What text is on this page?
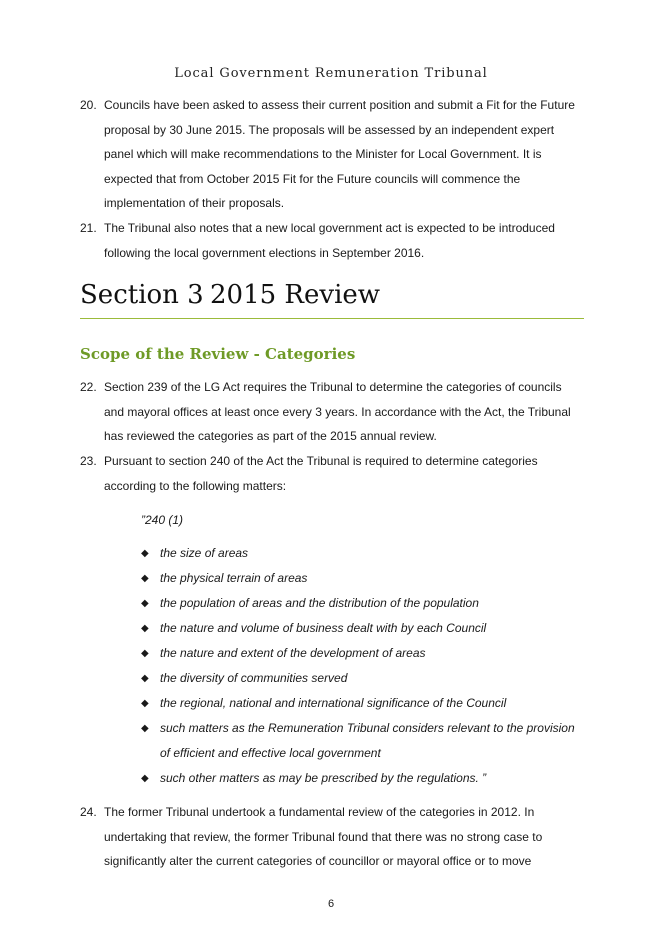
Local Government Remuneration Tribunal
20. Councils have been asked to assess their current position and submit a Fit for the Future
proposal by 30 June 2015. The proposals will be assessed by an independent expert
panel which will make recommendations to the Minister for Local Government. It is
expected that from October 2015 Fit for the Future councils will commence the
implementation of their proposals.
21. The Tribunal also notes that a new local government act is expected to be introduced
following the local government elections in September 2016.
Section 3 2015 Review
Scope of the Review - Categories
22. Section 239 of the LG Act requires the Tribunal to determine the categories of councils
and mayoral offices at least once every 3 years. In accordance with the Act, the Tribunal
has reviewed the categories as part of the 2015 annual review.
23. Pursuant to section 240 of the Act the Tribunal is required to determine categories
according to the following matters:
”240 (1)
◆ the size of areas
◆ the physical terrain of areas
◆ the population of areas and the distribution of the population
◆ the nature and volume of business dealt with by each Council
◆ the nature and extent of the development of areas
◆ the diversity of communities served
◆ the regional, national and international significance of the Council
◆ such matters as the Remuneration Tribunal considers relevant to the provision
of efficient and effective local government
◆ such other matters as may be prescribed by the regulations. ”
24. The former Tribunal undertook a fundamental review of the categories in 2012. In
undertaking that review, the former Tribunal found that there was no strong case to
significantly alter the current categories of councillor or mayoral office or to move
6
